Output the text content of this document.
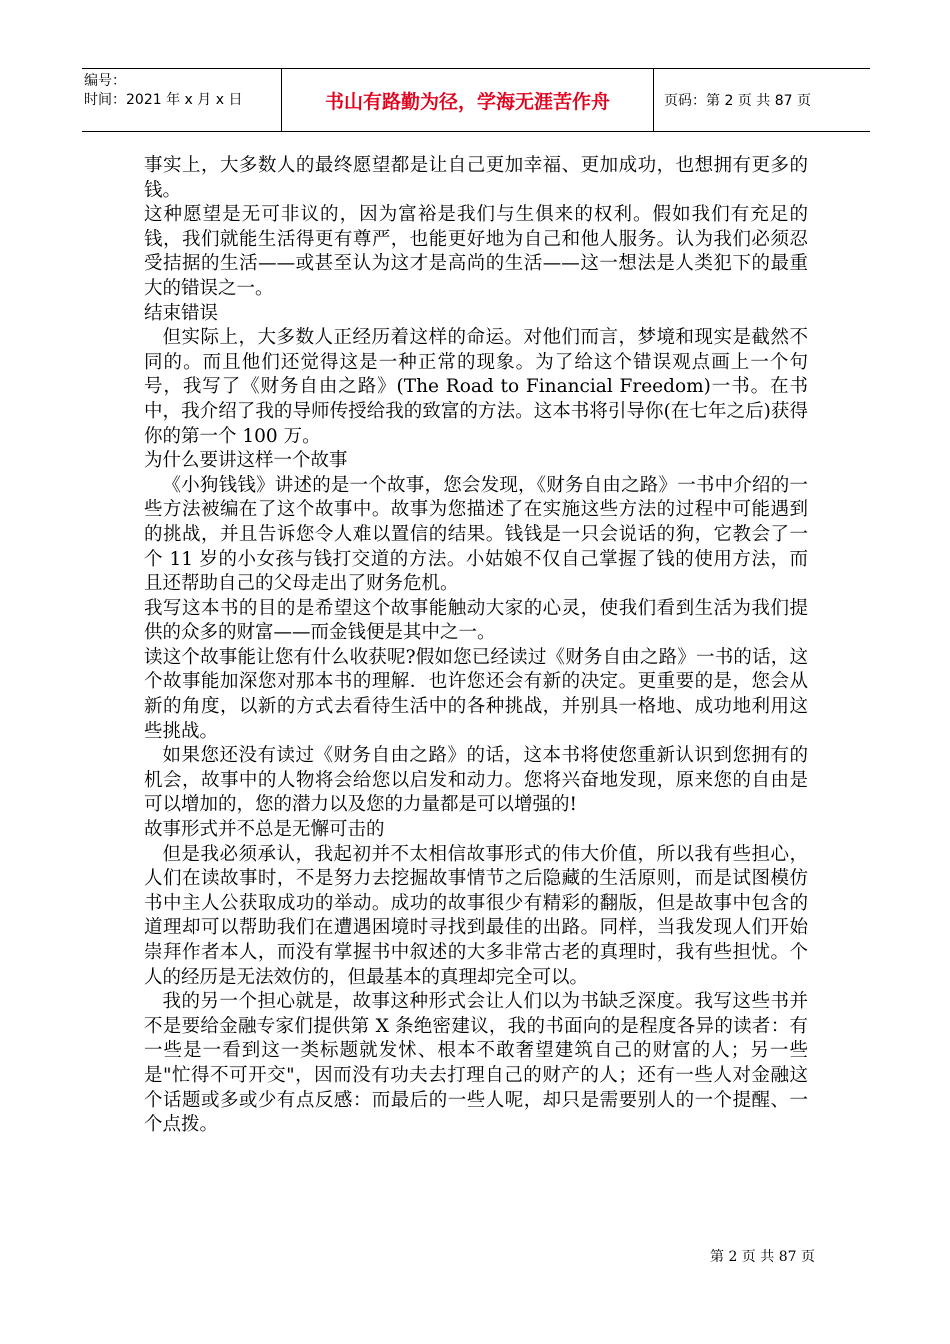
编号：
时间：2021 年 x 月 x 日	书山有路勤为径，学海无涯苦作舟	页码：第 2 页 共 87 页

事实上，大多数人的最终愿望都是让自己更加幸福、更加成功，也想拥有更多的钱。

这种愿望是无可非议的，因为富裕是我们与生俱来的权利。假如我们有充足的钱，我们就能生活得更有尊严，也能更好地为自己和他人服务。认为我们必须忍受拮据的生活——或甚至认为这才是高尚的生活——这一想法是人类犯下的最重大的错误之一。

结束错误

但实际上，大多数人正经历着这样的命运。对他们而言，梦境和现实是截然不同的。而且他们还觉得这是一种正常的现象。为了给这个错误观点画上一个句号，我写了《财务自由之路》(The Road to Financial Freedom)一书。在书中，我介绍了我的导师传授给我的致富的方法。这本书将引导你(在七年之后)获得你的第一个 100 万。

为什么要讲这样一个故事

《小狗钱钱》讲述的是一个故事，您会发现，《财务自由之路》一书中介绍的一些方法被编在了这个故事中。故事为您描述了在实施这些方法的过程中可能遇到的挑战，并且告诉您令人难以置信的结果。钱钱是一只会说话的狗，它教会了一个 11 岁的小女孩与钱打交道的方法。小姑娘不仅自己掌握了钱的使用方法，而且还帮助自己的父母走出了财务危机。

我写这本书的目的是希望这个故事能触动大家的心灵，使我们看到生活为我们提供的众多的财富——而金钱便是其中之一。

读这个故事能让您有什么收获呢?假如您已经读过《财务自由之路》一书的话，这个故事能加深您对那本书的理解．也许您还会有新的决定。更重要的是，您会从新的角度，以新的方式去看待生活中的各种挑战，并别具一格地、成功地利用这些挑战。

如果您还没有读过《财务自由之路》的话，这本书将使您重新认识到您拥有的机会，故事中的人物将会给您以启发和动力。您将兴奋地发现，原来您的自由是可以增加的，您的潜力以及您的力量都是可以增强的!

故事形式并不总是无懈可击的

但是我必须承认，我起初并不太相信故事形式的伟大价值，所以我有些担心，人们在读故事时，不是努力去挖掘故事情节之后隐藏的生活原则，而是试图模仿书中主人公获取成功的举动。成功的故事很少有精彩的翻版，但是故事中包含的道理却可以帮助我们在遭遇困境时寻找到最佳的出路。同样，当我发现人们开始崇拜作者本人，而没有掌握书中叙述的大多非常古老的真理时，我有些担忧。个人的经历是无法效仿的，但最基本的真理却完全可以。

我的另一个担心就是，故事这种形式会让人们以为书缺乏深度。我写这些书并不是要给金融专家们提供第 X 条绝密建议，我的书面向的是程度各异的读者：有一些是一看到这一类标题就发怵、根本不敢奢望建筑自己的财富的人；另一些是"忙得不可开交"，因而没有功夫去打理自己的财产的人；还有一些人对金融这个话题或多或少有点反感：而最后的一些人呢，却只是需要别人的一个提醒、一个点拨。

第 2 页 共 87 页
